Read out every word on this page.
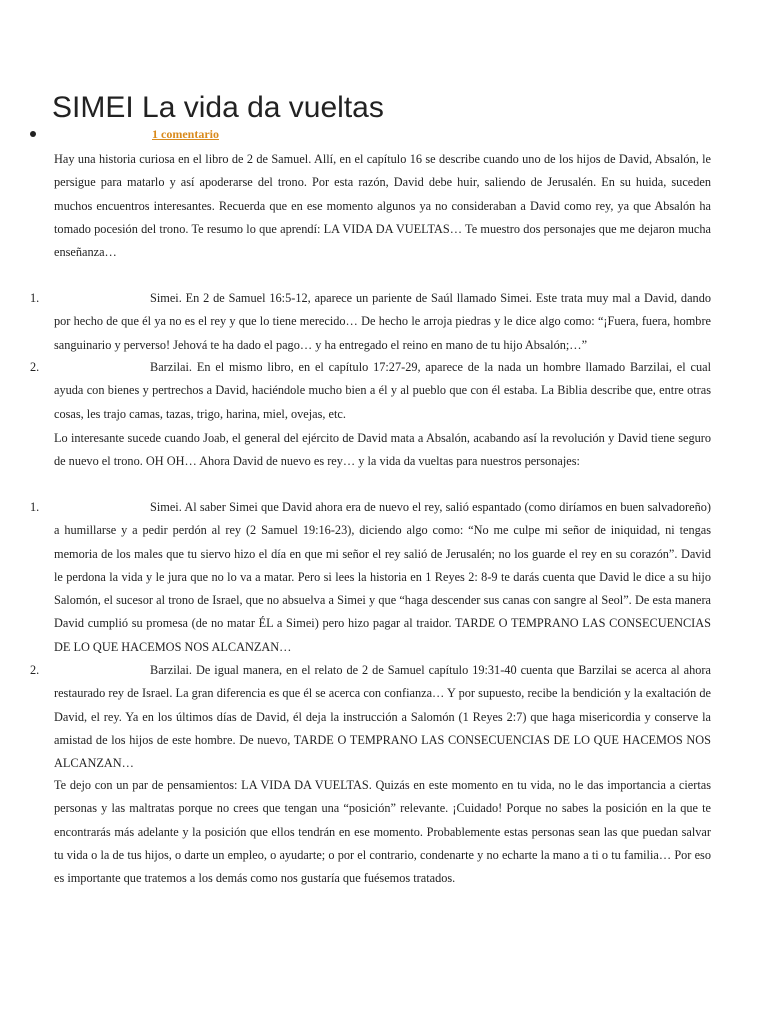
SIMEI La vida da vueltas
1 comentario

Hay una historia curiosa en el libro de 2 de Samuel. Allí, en el capítulo 16 se describe cuando uno de los hijos de David, Absalón, le persigue para matarlo y así apoderarse del trono. Por esta razón, David debe huir, saliendo de Jerusalén. En su huida, suceden muchos encuentros interesantes. Recuerda que en ese momento algunos ya no consideraban a David como rey, ya que Absalón ha tomado pocesión del trono. Te resumo lo que aprendí: LA VIDA DA VUELTAS… Te muestro dos personajes que me dejaron mucha enseñanza…

1.	Simei. En 2 de Samuel 16:5-12, aparece un pariente de Saúl llamado Simei. Este trata muy mal a David, dando por hecho de que él ya no es el rey y que lo tiene merecido… De hecho le arroja piedras y le dice algo como: “¡Fuera, fuera, hombre sanguinario y perverso! Jehová te ha dado el pago… y ha entregado el reino en mano de tu hijo Absalón;…”

2.	Barzilai. En el mismo libro, en el capítulo 17:27-29, aparece de la nada un hombre llamado Barzilai, el cual ayuda con bienes y pertrechos a David, haciéndole mucho bien a él y al pueblo que con él estaba. La Biblia describe que, entre otras cosas, les trajo camas, tazas, trigo, harina, miel, ovejas, etc.

Lo interesante sucede cuando Joab, el general del ejército de David mata a Absalón, acabando así la revolución y David tiene seguro de nuevo el trono. OH OH… Ahora David de nuevo es rey… y la vida da vueltas para nuestros personajes:

1.	Simei. Al saber Simei que David ahora era de nuevo el rey, salió espantado (como diríamos en buen salvadoreño) a humillarse y a pedir perdón al rey (2 Samuel 19:16-23), diciendo algo como: “No me culpe mi señor de iniquidad, ni tengas memoria de los males que tu siervo hizo el día en que mi señor el rey salió de Jerusalén; no los guarde el rey en su corazón”. David le perdona la vida y le jura que no lo va a matar. Pero si lees la historia en 1 Reyes 2: 8-9 te darás cuenta que David le dice a su hijo Salomón, el sucesor al trono de Israel, que no absuelva a Simei y que “haga descender sus canas con sangre al Seol”. De esta manera David cumplió su promesa (de no matar ÉL a Simei) pero hizo pagar al traidor. TARDE O TEMPRANO LAS CONSECUENCIAS DE LO QUE HACEMOS NOS ALCANZAN…

2.	Barzilai. De igual manera, en el relato de 2 de Samuel capítulo 19:31-40 cuenta que Barzilai se acerca al ahora restaurado rey de Israel. La gran diferencia es que él se acerca con confianza… Y por supuesto, recibe la bendición y la exaltación de David, el rey. Ya en los últimos días de David, él deja la instrucción a Salomón (1 Reyes 2:7) que haga misericordia y conserve la amistad de los hijos de este hombre. De nuevo, TARDE O TEMPRANO LAS CONSECUENCIAS DE LO QUE HACEMOS NOS ALCANZAN…

Te dejo con un par de pensamientos: LA VIDA DA VUELTAS. Quizás en este momento en tu vida, no le das importancia a ciertas personas y las maltratas porque no crees que tengan una “posición” relevante. ¡Cuidado! Porque no sabes la posición en la que te encontrarás más adelante y la posición que ellos tendrán en ese momento. Probablemente estas personas sean las que puedan salvar tu vida o la de tus hijos, o darte un empleo, o ayudarte; o por el contrario, condenarte y no echarte la mano a ti o tu familia… Por eso es importante que tratemos a los demás como nos gustaría que fuésemos tratados.
